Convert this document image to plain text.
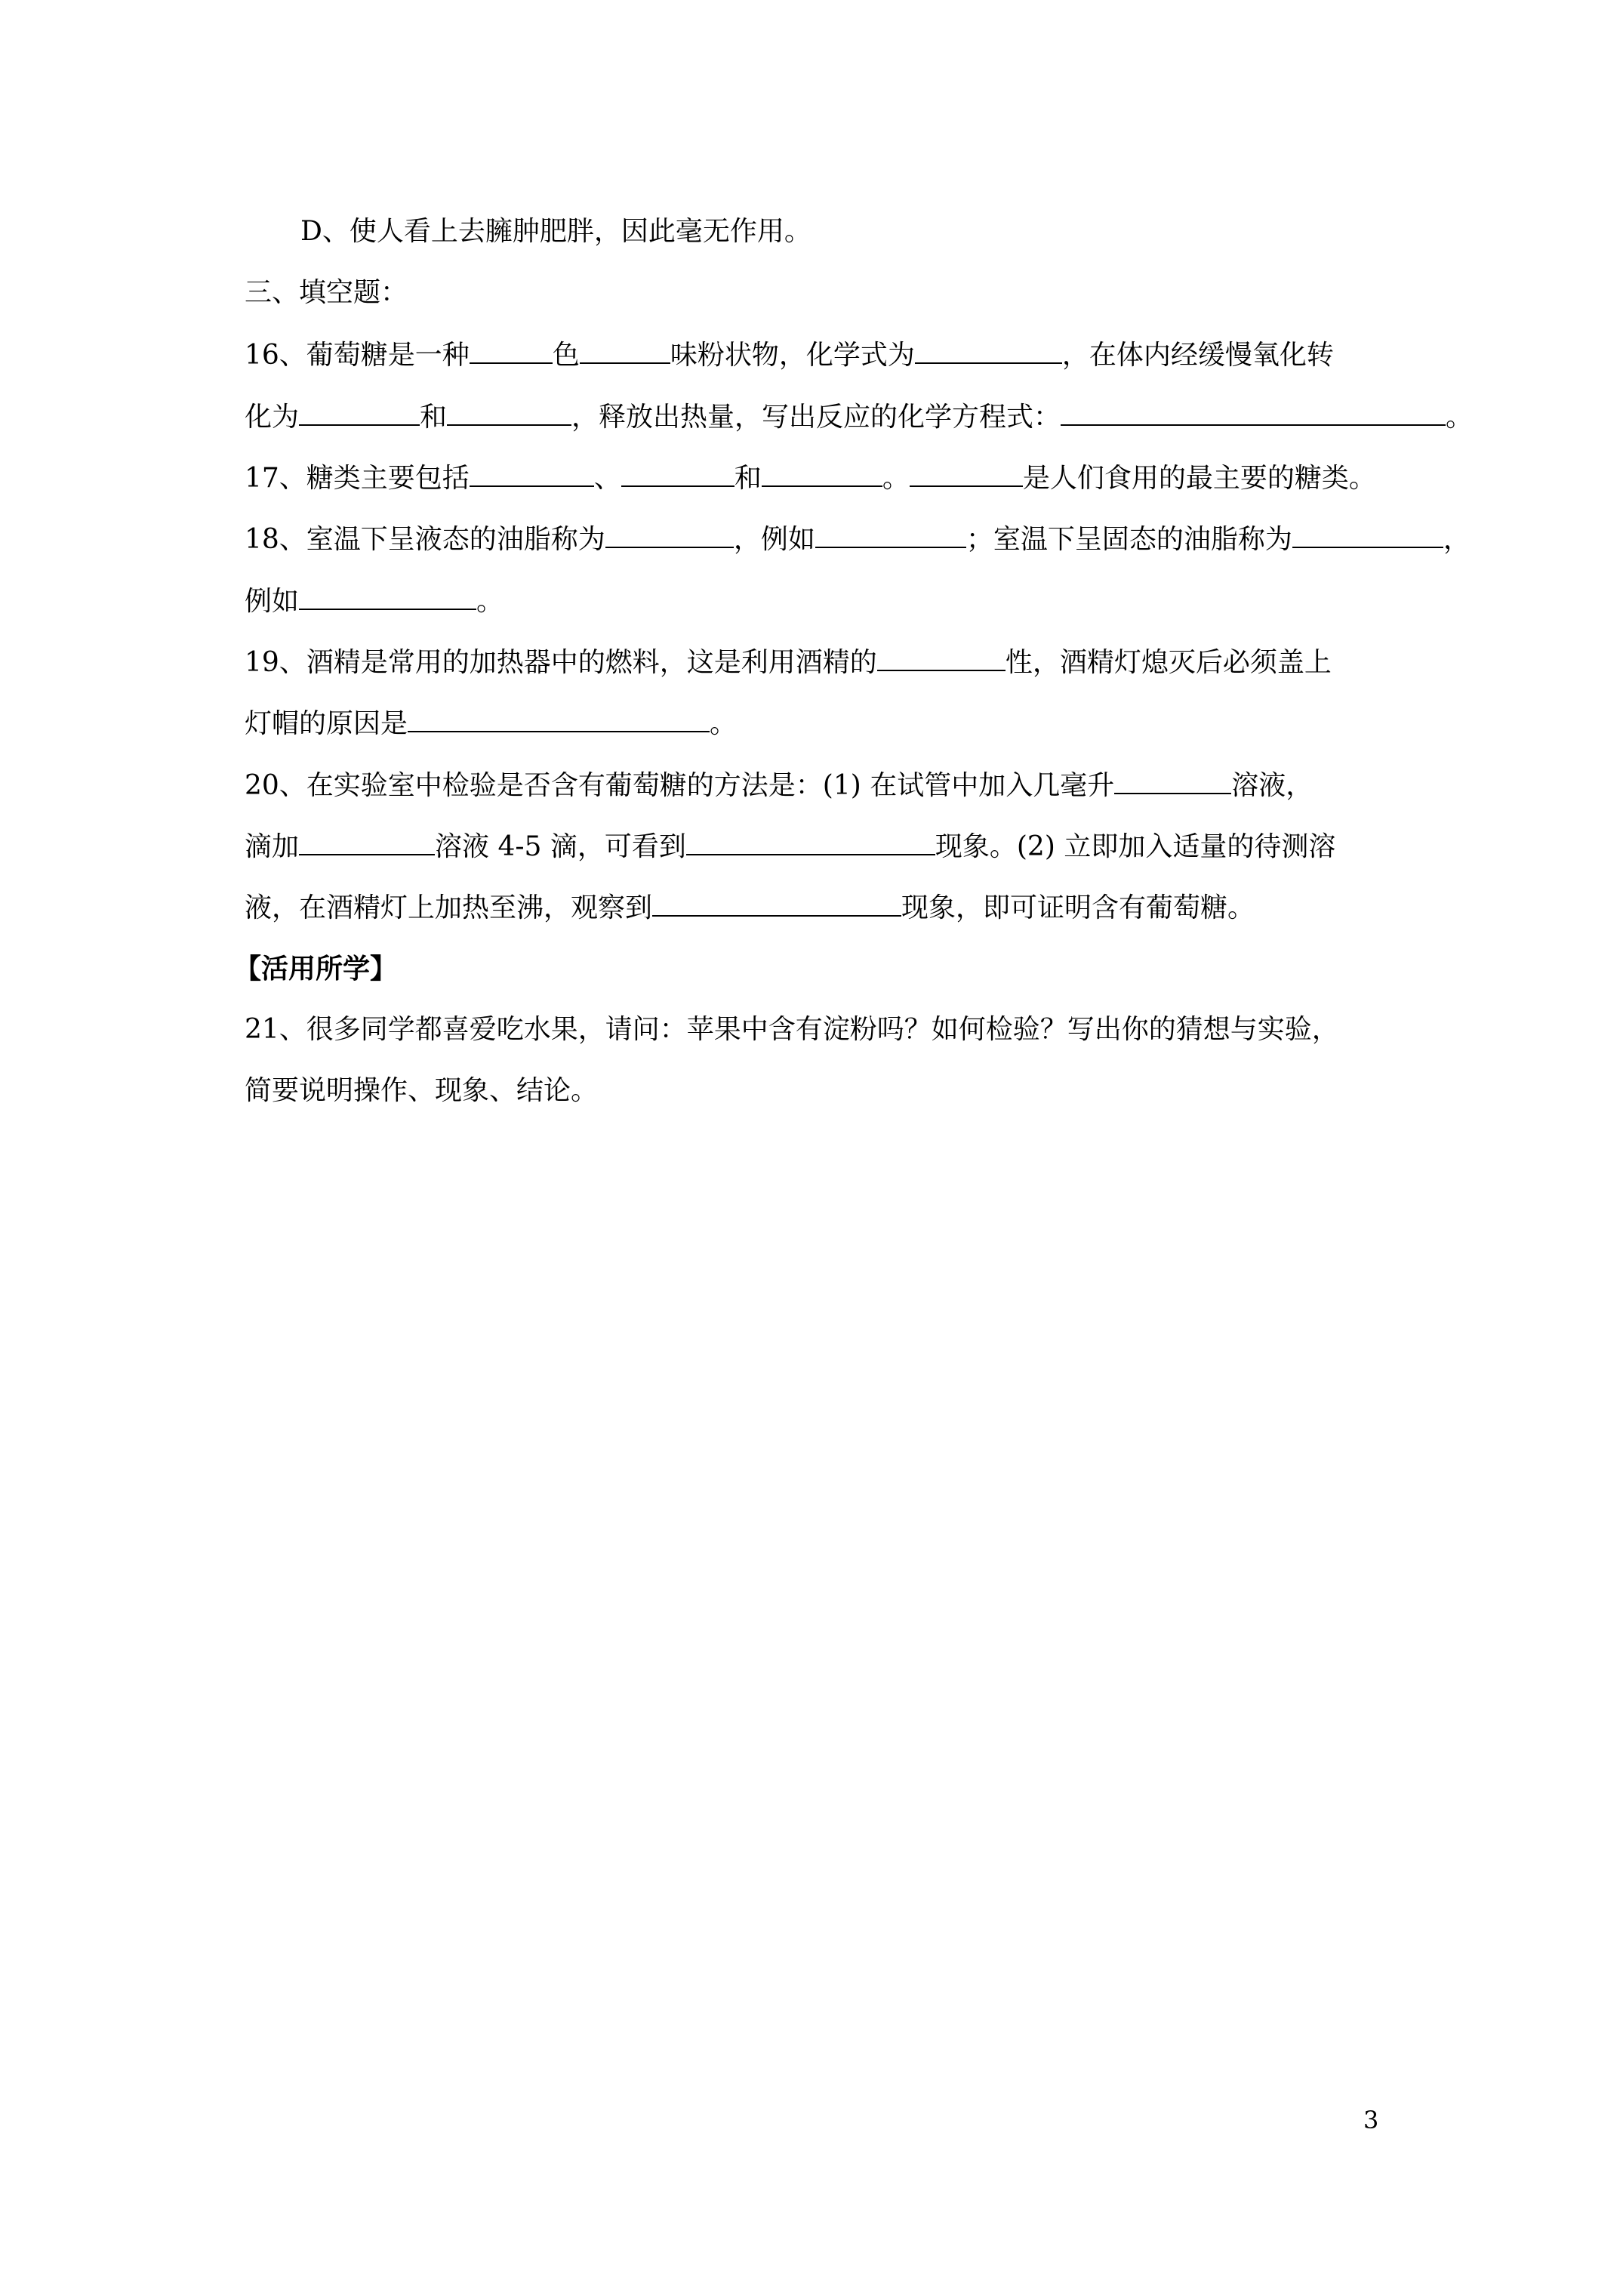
D、使人看上去臃肿肥胖，因此毫无作用。
三、填空题：
16、葡萄糖是一种	色	味粉状物，化学式为	，在体内经缓慢氧化转
化为	和	，释放出热量，写出反应的化学方程式：	。
17、糖类主要包括	、	和	。	是人们食用的最主要的糖类。
18、室温下呈液态的油脂称为	，例如	；室温下呈固态的油脂称为	，
例如	。
19、酒精是常用的加热器中的燃料，这是利用酒精的	性，酒精灯熄灭后必须盖上
灯帽的原因是	。
20、在实验室中检验是否含有葡萄糖的方法是：(1) 在试管中加入几毫升	溶液，
滴加	溶液 4-5 滴，可看到	现象。(2) 立即加入适量的待测溶
液，在酒精灯上加热至沸，观察到	现象，即可证明含有葡萄糖。
【活用所学】
21、很多同学都喜爱吃水果，请问：苹果中含有淀粉吗？如何检验？写出你的猜想与实验，
简要说明操作、现象、结论。
3
